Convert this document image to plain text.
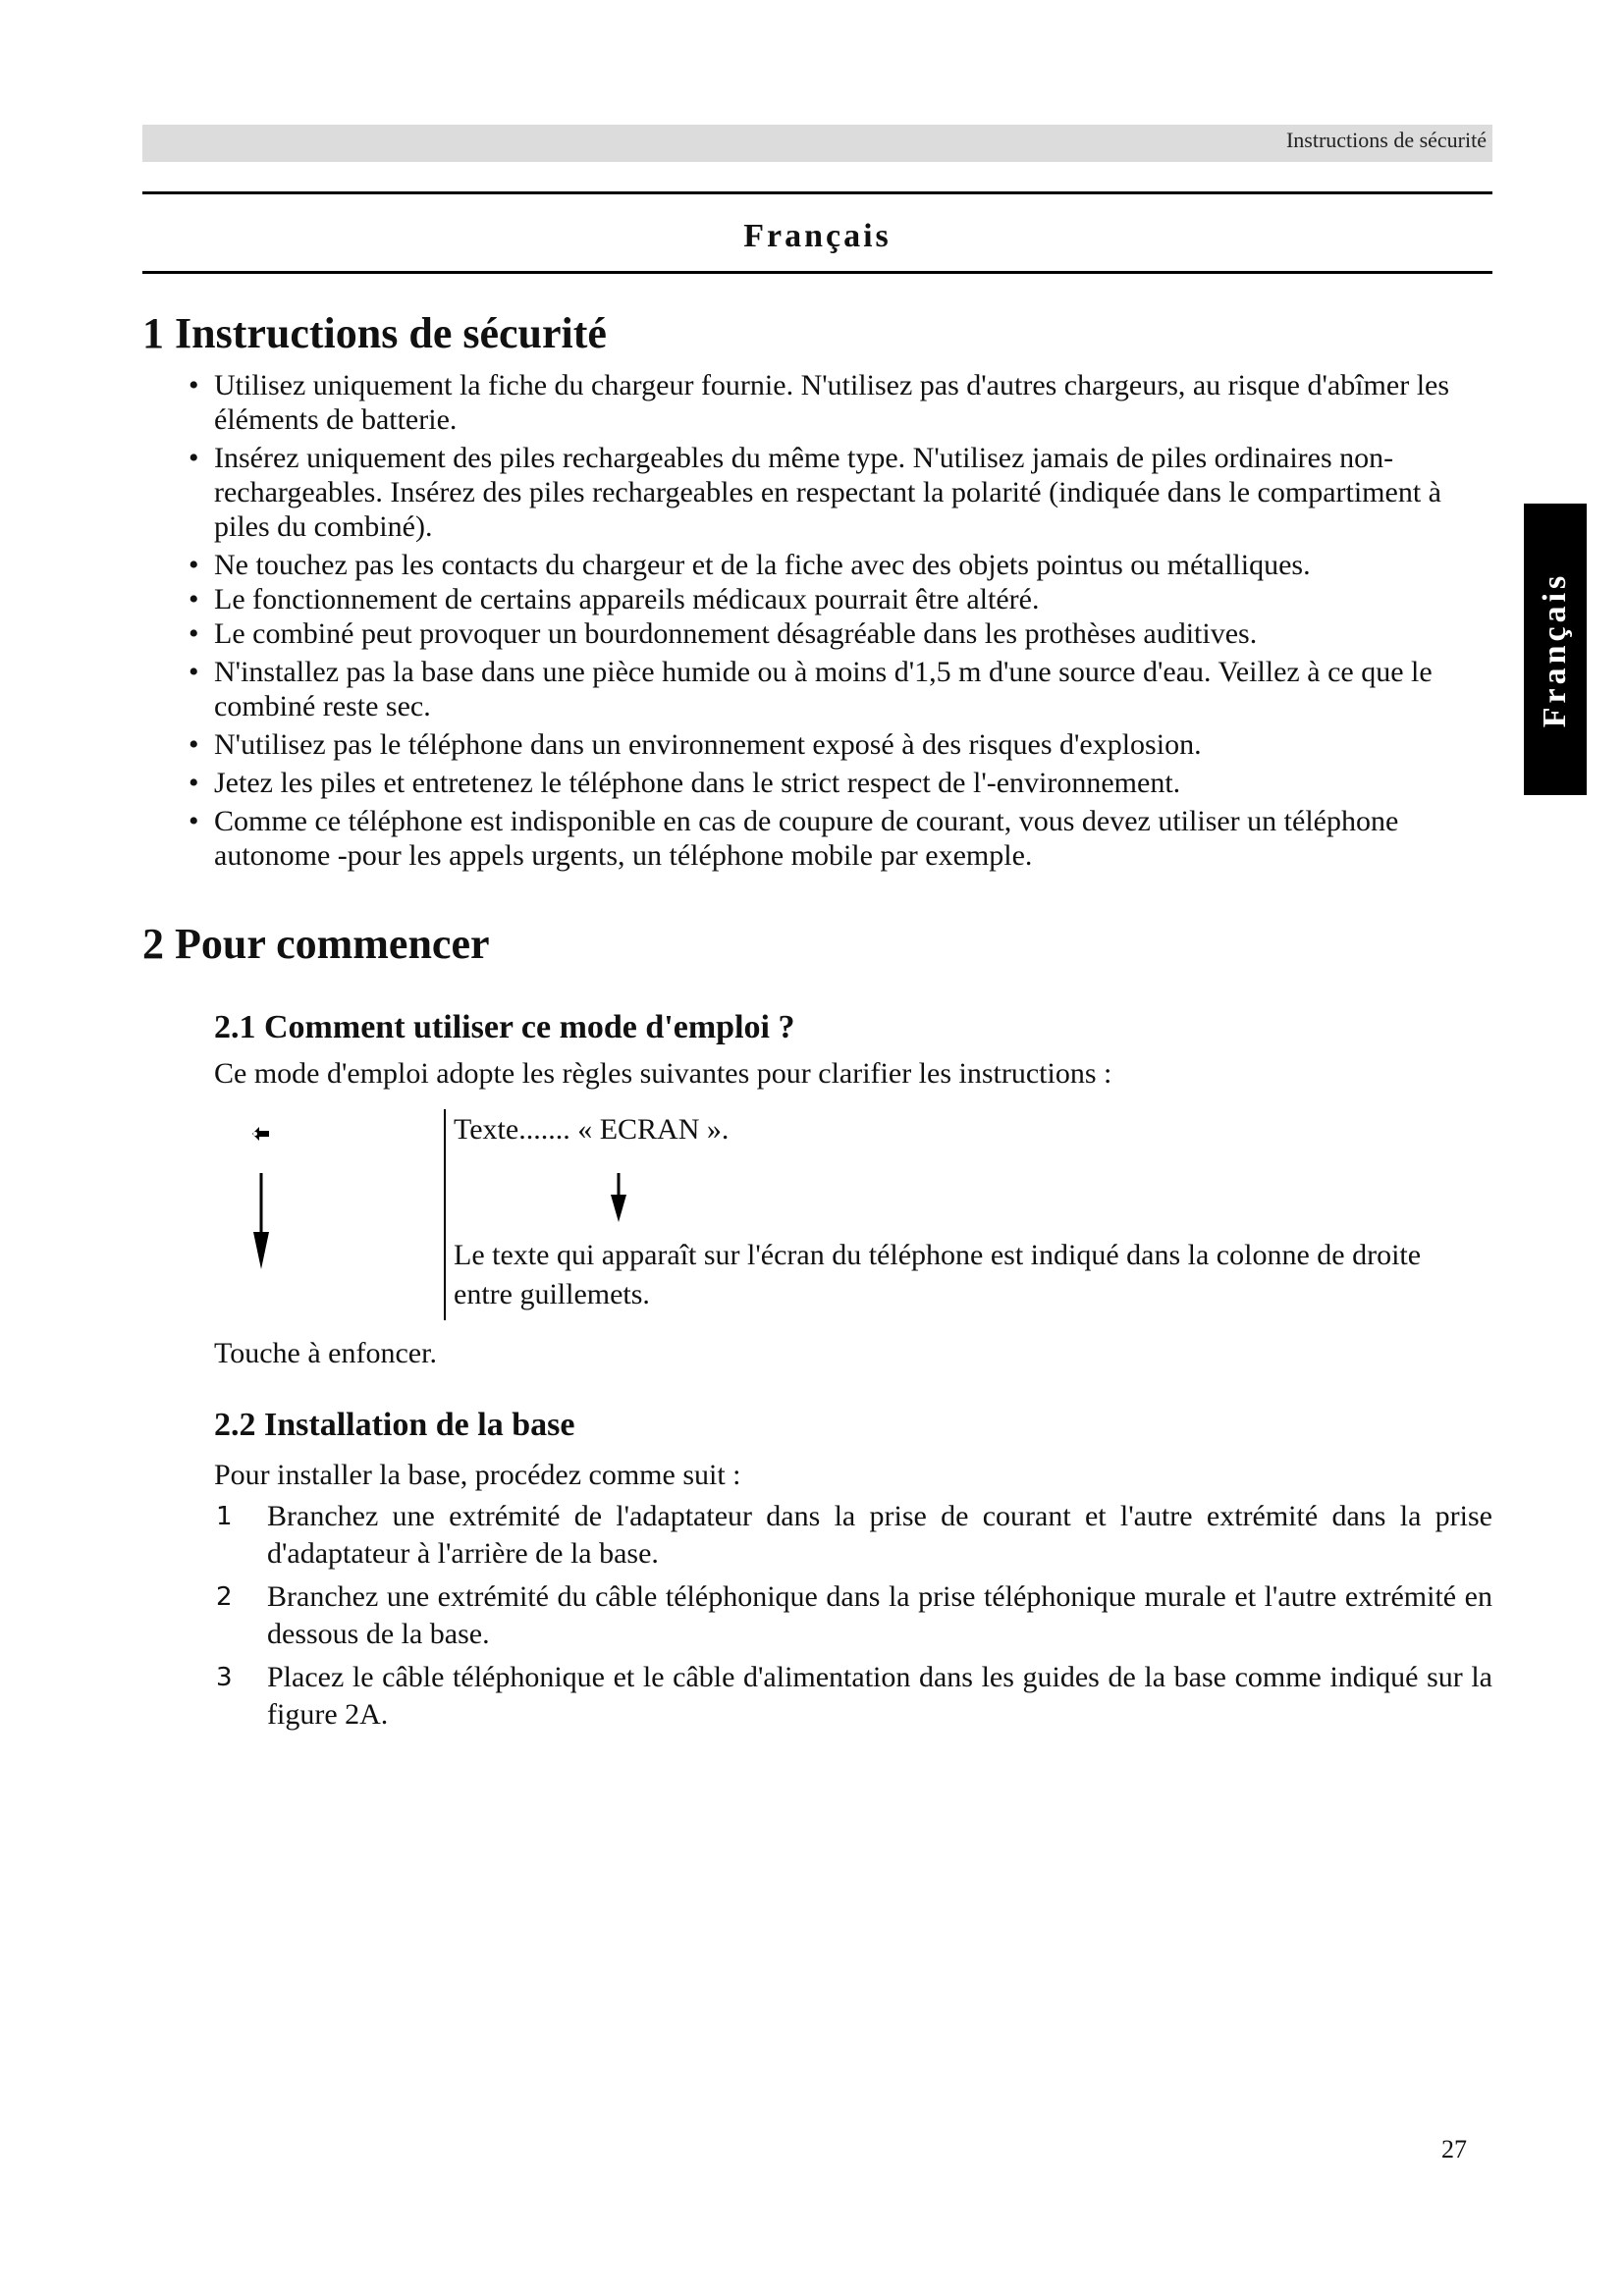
Instructions de sécurité
Français
Français
1 Instructions de sécurité
• Utilisez uniquement la fiche du chargeur fournie. N'utilisez pas d'autres chargeurs, au risque d'abîmer les éléments de batterie.
• Insérez uniquement des piles rechargeables du même type. N'utilisez jamais de piles ordinaires non-rechargeables. Insérez des piles rechargeables en respectant la polarité (indiquée dans le compartiment à piles du combiné).
• Ne touchez pas les contacts du chargeur et de la fiche avec des objets pointus ou métalliques.
• Le fonctionnement de certains appareils médicaux pourrait être altéré.
• Le combiné peut provoquer un bourdonnement désagréable dans les prothèses auditives.
• N'installez pas la base dans une pièce humide ou à moins d'1,5 m d'une source d'eau. Veillez à ce que le combiné reste sec.
• N'utilisez pas le téléphone dans un environnement exposé à des risques d'explosion.
• Jetez les piles et entretenez le téléphone dans le strict respect de l'-environnement.
• Comme ce téléphone est indisponible en cas de coupure de courant, vous devez utiliser un téléphone autonome -pour les appels urgents, un téléphone mobile par exemple.
2 Pour commencer
2.1 Comment utiliser ce mode d'emploi ?
Ce mode d'emploi adopte les règles suivantes pour clarifier les instructions :
Texte....... « ECRAN ».
Le texte qui apparaît sur l'écran du téléphone est indiqué dans la colonne de droite entre guillemets.
Touche à enfoncer.
2.2 Installation de la base
Pour installer la base, procédez comme suit :
1 Branchez une extrémité de l'adaptateur dans la prise de courant et l'autre extrémité dans la prise d'adaptateur à l'arrière de la base.
2 Branchez une extrémité du câble téléphonique dans la prise téléphonique murale et l'autre extrémité en dessous de la base.
3 Placez le câble téléphonique et le câble d'alimentation dans les guides de la base comme indiqué sur la figure 2A.
27
